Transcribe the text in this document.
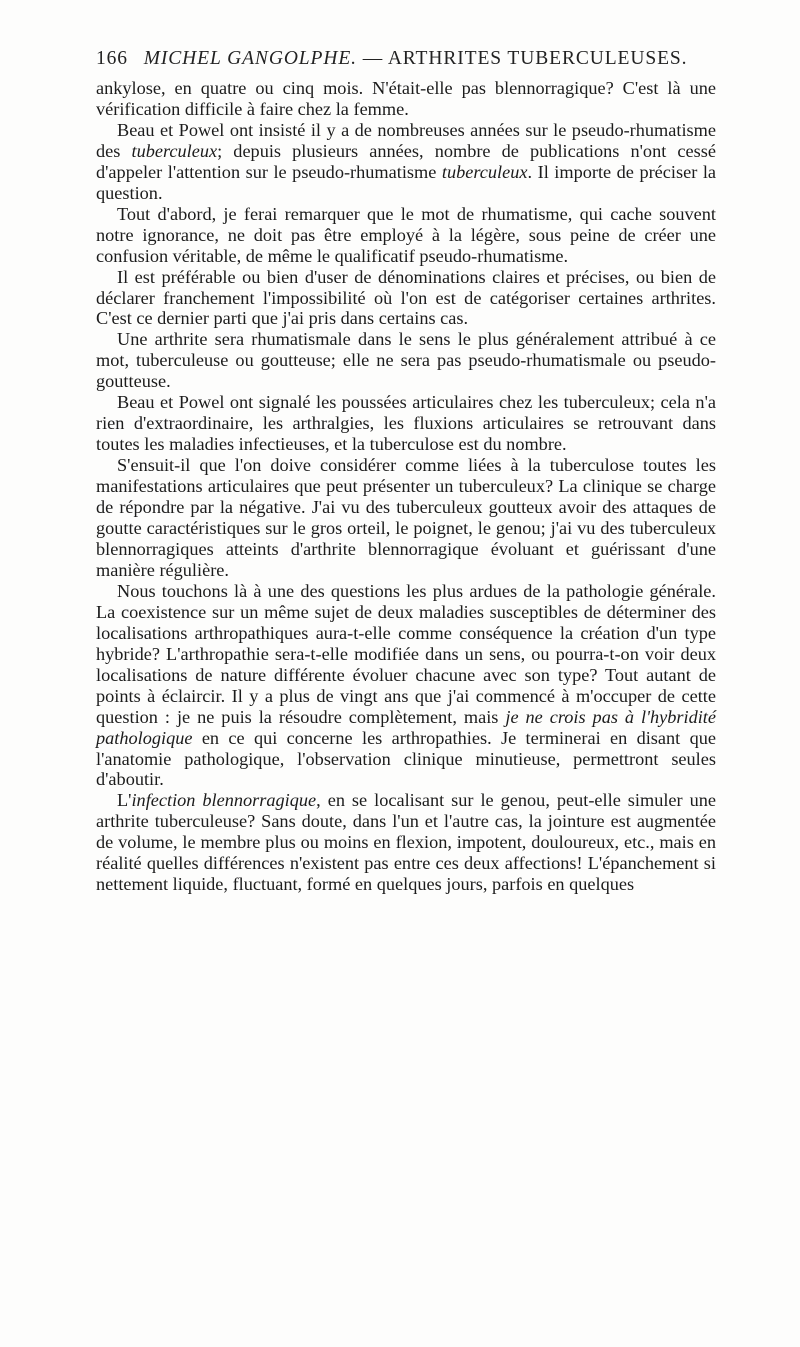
166 MICHEL GANGOLPHE. — ARTHRITES TUBERCULEUSES.

ankylose, en quatre ou cinq mois. N'était-elle pas blennorragique? C'est là une vérification difficile à faire chez la femme.

Beau et Powel ont insisté il y a de nombreuses années sur le pseudo-rhumatisme des tuberculeux; depuis plusieurs années, nombre de publications n'ont cessé d'appeler l'attention sur le pseudo-rhumatisme tuberculeux. Il importe de préciser la question.

Tout d'abord, je ferai remarquer que le mot de rhumatisme, qui cache souvent notre ignorance, ne doit pas être employé à la légère, sous peine de créer une confusion véritable, de même le qualificatif pseudo-rhumatisme.

Il est préférable ou bien d'user de dénominations claires et précises, ou bien de déclarer franchement l'impossibilité où l'on est de catégoriser certaines arthrites. C'est ce dernier parti que j'ai pris dans certains cas.

Une arthrite sera rhumatismale dans le sens le plus généralement attribué à ce mot, tuberculeuse ou goutteuse; elle ne sera pas pseudo-rhumatismale ou pseudo-goutteuse.

Beau et Powel ont signalé les poussées articulaires chez les tuberculeux; cela n'a rien d'extraordinaire, les arthralgies, les fluxions articulaires se retrouvant dans toutes les maladies infectieuses, et la tuberculose est du nombre.

S'ensuit-il que l'on doive considérer comme liées à la tuberculose toutes les manifestations articulaires que peut présenter un tuberculeux? La clinique se charge de répondre par la négative. J'ai vu des tuberculeux goutteux avoir des attaques de goutte caractéristiques sur le gros orteil, le poignet, le genou; j'ai vu des tuberculeux blennorragiques atteints d'arthrite blennorragique évoluant et guérissant d'une manière régulière.

Nous touchons là à une des questions les plus ardues de la pathologie générale. La coexistence sur un même sujet de deux maladies susceptibles de déterminer des localisations arthropathiques aura-t-elle comme conséquence la création d'un type hybride? L'arthropathie sera-t-elle modifiée dans un sens, ou pourra-t-on voir deux localisations de nature différente évoluer chacune avec son type? Tout autant de points à éclaircir. Il y a plus de vingt ans que j'ai commencé à m'occuper de cette question : je ne puis la résoudre complètement, mais je ne crois pas à l'hybridité pathologique en ce qui concerne les arthropathies. Je terminerai en disant que l'anatomie pathologique, l'observation clinique minutieuse, permettront seules d'aboutir.

L'infection blennorragique, en se localisant sur le genou, peut-elle simuler une arthrite tuberculeuse? Sans doute, dans l'un et l'autre cas, la jointure est augmentée de volume, le membre plus ou moins en flexion, impotent, douloureux, etc., mais en réalité quelles différences n'existent pas entre ces deux affections! L'épanchement si nettement liquide, fluctuant, formé en quelques jours, parfois en quelques
